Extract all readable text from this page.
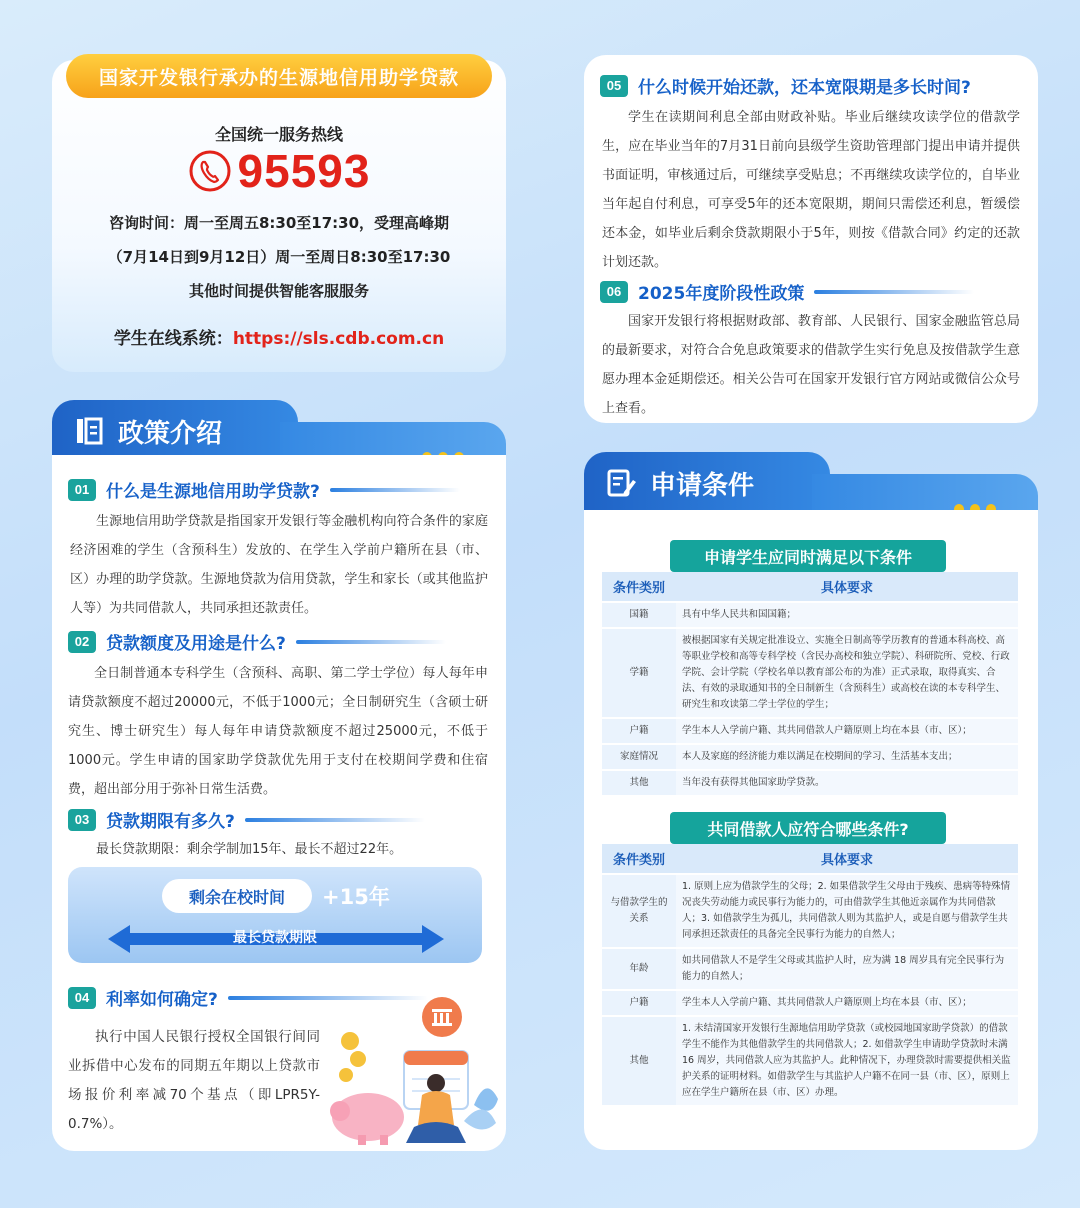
国家开发银行承办的生源地信用助学贷款
全国统一服务热线
95593
咨询时间：周一至周五8:30至17:30，受理高峰期
（7月14日到9月12日）周一至周日8:30至17:30
其他时间提供智能客服服务
学生在线系统：https://sls.cdb.com.cn
政策介绍
01 什么是生源地信用助学贷款?
生源地信用助学贷款是指国家开发银行等金融机构向符合条件的家庭经济困难的学生（含预科生）发放的、在学生入学前户籍所在县（市、区）办理的助学贷款。生源地贷款为信用贷款，学生和家长（或其他监护人等）为共同借款人，共同承担还款责任。
02 贷款额度及用途是什么?
全日制普通本专科学生（含预科、高职、第二学士学位）每人每年申请贷款额度不超过20000元，不低于1000元；全日制研究生（含硕士研究生、博士研究生）每人每年申请贷款额度不超过25000元，不低于1000元。学生申请的国家助学贷款优先用于支付在校期间学费和住宿费，超出部分用于弥补日常生活费。
03 贷款期限有多久?
最长贷款期限：剩余学制加15年、最长不超过22年。
剩余在校时间	+15年
最长贷款期限
04 利率如何确定?
执行中国人民银行授权全国银行间同业拆借中心发布的同期五年期以上贷款市场报价利率减70个基点（即LPR5Y-0.7%）。
05 什么时候开始还款，还本宽限期是多长时间?
学生在读期间利息全部由财政补贴。毕业后继续攻读学位的借款学生，应在毕业当年的7月31日前向县级学生资助管理部门提出申请并提供书面证明，审核通过后，可继续享受贴息；不再继续攻读学位的，自毕业当年起自付利息，可享受5年的还本宽限期，期间只需偿还利息，暂缓偿还本金，如毕业后剩余贷款期限小于5年，则按《借款合同》约定的还款计划还款。
06 2025年度阶段性政策
国家开发银行将根据财政部、教育部、人民银行、国家金融监管总局的最新要求，对符合合免息政策要求的借款学生实行免息及按借款学生意愿办理本金延期偿还。相关公告可在国家开发银行官方网站或微信公众号上查看。
申请条件
申请学生应同时满足以下条件
条件类别	具体要求
国籍	具有中华人民共和国国籍；
学籍	被根据国家有关规定批准设立、实施全日制高等学历教育的普通本科高校、高等职业学校和高等专科学校（含民办高校和独立学院）、科研院所、党校、行政学院、会计学院（学校名单以教育部公布的为准）正式录取，取得真实、合法、有效的录取通知书的全日制新生（含预科生）或高校在读的本专科学生、研究生和攻读第二学士学位的学生；
户籍	学生本人入学前户籍、其共同借款人户籍原则上均在本县（市、区）；
家庭情况	本人及家庭的经济能力难以满足在校期间的学习、生活基本支出；
其他	当年没有获得其他国家助学贷款。
共同借款人应符合哪些条件?
条件类别	具体要求
与借款学生的关系	1. 原则上应为借款学生的父母；2. 如果借款学生父母由于残疾、患病等特殊情况丧失劳动能力或民事行为能力的，可由借款学生其他近亲属作为共同借款人；3. 如借款学生为孤儿，共同借款人则为其监护人，或是自愿与借款学生共同承担还款责任的具备完全民事行为能力的自然人；
年龄	如共同借款人不是学生父母或其监护人时，应为满 18 周岁具有完全民事行为能力的自然人；
户籍	学生本人入学前户籍、其共同借款人户籍原则上均在本县（市、区）；
其他	1. 未结清国家开发银行生源地信用助学贷款（或校园地国家助学贷款）的借款学生不能作为其他借款学生的共同借款人；2. 如借款学生申请助学贷款时未满 16 周岁，共同借款人应为其监护人。此种情况下，办理贷款时需要提供相关监护关系的证明材料。如借款学生与其监护人户籍不在同一县（市、区），原则上应在学生户籍所在县（市、区）办理。
